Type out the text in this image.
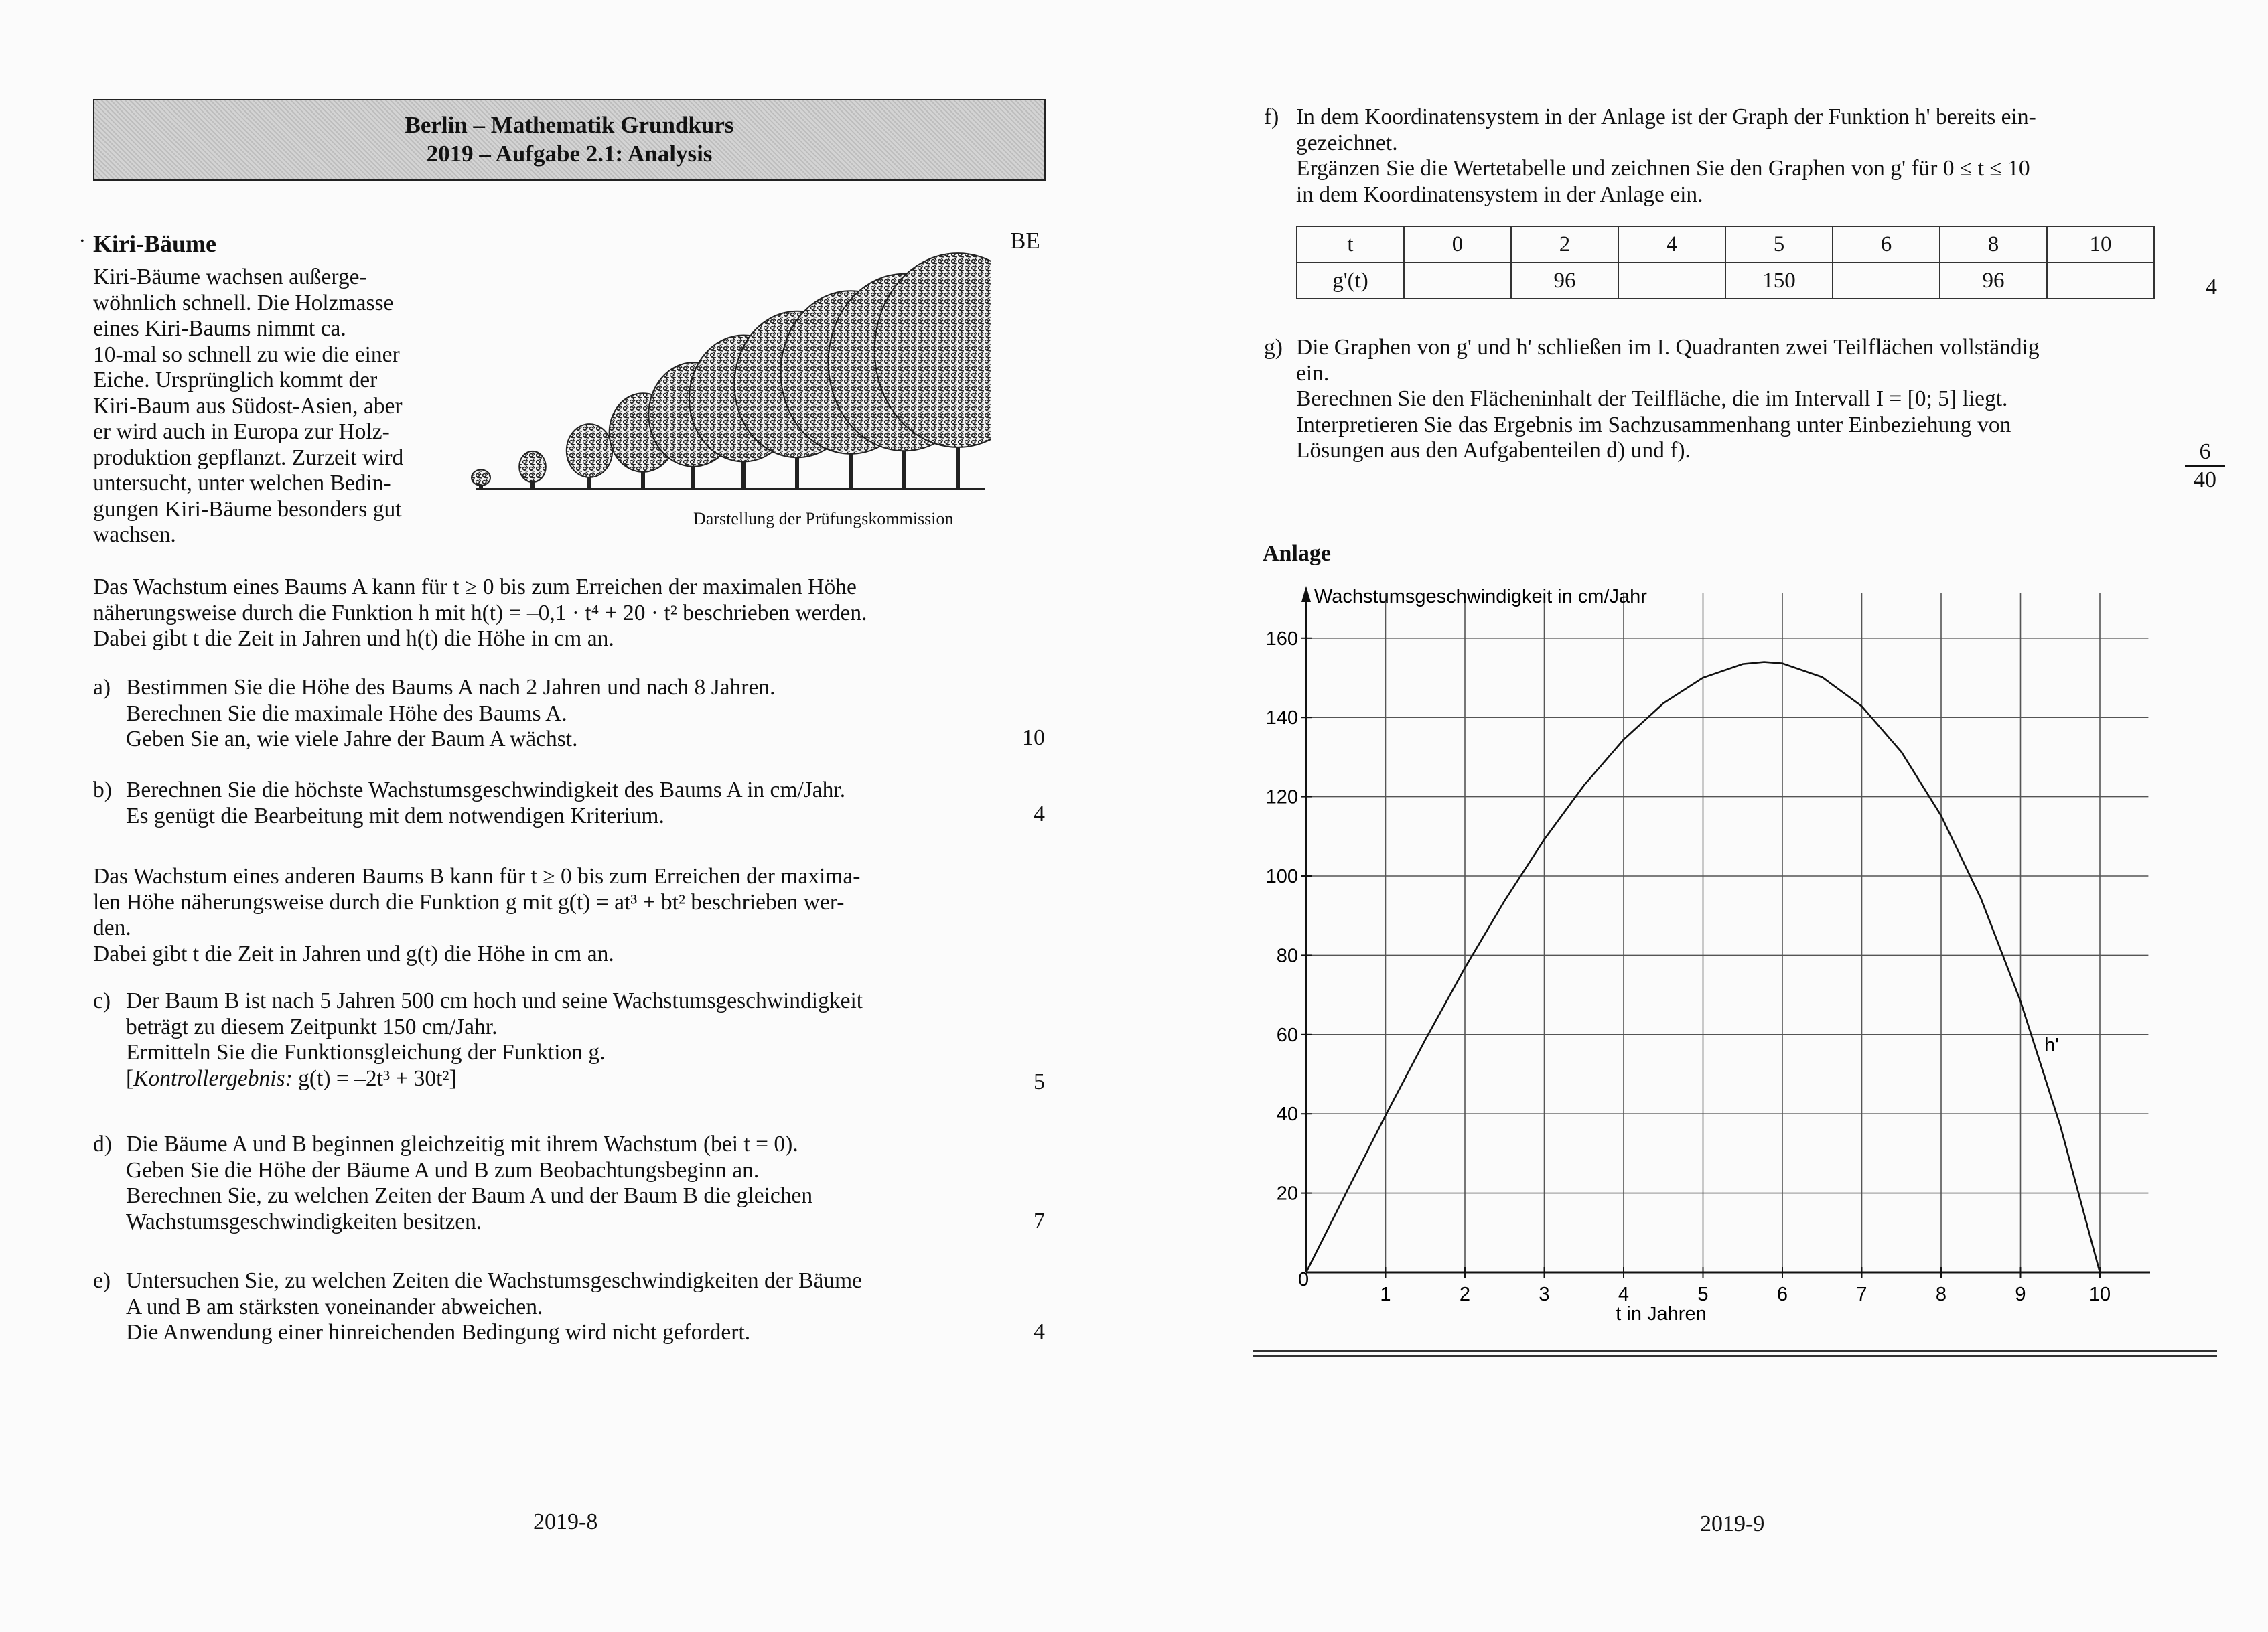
Berlin – Mathematik Grundkurs
2019 – Aufgabe 2.1: Analysis
• Kiri-Bäume	BE
Kiri-Bäume wachsen außerge-
wöhnlich schnell. Die Holzmasse
eines Kiri-Baums nimmt ca.
10-mal so schnell zu wie die einer
Eiche. Ursprünglich kommt der
Kiri-Baum aus Südost-Asien, aber
er wird auch in Europa zur Holz-
produktion gepflanzt. Zurzeit wird
untersucht, unter welchen Bedin-
gungen Kiri-Bäume besonders gut
wachsen.
Darstellung der Prüfungskommission
Das Wachstum eines Baums A kann für t ≥ 0 bis zum Erreichen der maximalen Höhe
näherungsweise durch die Funktion h mit h(t) = –0,1 · t⁴ + 20 · t² beschrieben werden.
Dabei gibt t die Zeit in Jahren und h(t) die Höhe in cm an.
a) Bestimmen Sie die Höhe des Baums A nach 2 Jahren und nach 8 Jahren.
Berechnen Sie die maximale Höhe des Baums A.
Geben Sie an, wie viele Jahre der Baum A wächst.	10
b) Berechnen Sie die höchste Wachstumsgeschwindigkeit des Baums A in cm/Jahr.
Es genügt die Bearbeitung mit dem notwendigen Kriterium.	4
Das Wachstum eines anderen Baums B kann für t ≥ 0 bis zum Erreichen der maxima-
len Höhe näherungsweise durch die Funktion g mit g(t) = at³ + bt² beschrieben wer-
den.
Dabei gibt t die Zeit in Jahren und g(t) die Höhe in cm an.
c) Der Baum B ist nach 5 Jahren 500 cm hoch und seine Wachstumsgeschwindigkeit
beträgt zu diesem Zeitpunkt 150 cm/Jahr.
Ermitteln Sie die Funktionsgleichung der Funktion g.
[Kontrollergebnis: g(t) = –2t³ + 30t²]	5
d) Die Bäume A und B beginnen gleichzeitig mit ihrem Wachstum (bei t = 0).
Geben Sie die Höhe der Bäume A und B zum Beobachtungsbeginn an.
Berechnen Sie, zu welchen Zeiten der Baum A und der Baum B die gleichen
Wachstumsgeschwindigkeiten besitzen.	7
e) Untersuchen Sie, zu welchen Zeiten die Wachstumsgeschwindigkeiten der Bäume
A und B am stärksten voneinander abweichen.
Die Anwendung einer hinreichenden Bedingung wird nicht gefordert.	4
2019-8
f) In dem Koordinatensystem in der Anlage ist der Graph der Funktion h' bereits ein-
gezeichnet.
Ergänzen Sie die Wertetabelle und zeichnen Sie den Graphen von g' für 0 ≤ t ≤ 10
in dem Koordinatensystem in der Anlage ein.
4
t	0	2	4	5	6	8	10
g'(t)		96		150		96	
g) Die Graphen von g' und h' schließen im I. Quadranten zwei Teilflächen vollständig
ein.
Berechnen Sie den Flächeninhalt der Teilfläche, die im Intervall I = [0; 5] liegt.
Interpretieren Sie das Ergebnis im Sachzusammenhang unter Einbeziehung von
Lösungen aus den Aufgabenteilen d) und f).	6
40
Anlage
1	2	3	4	5	6	7	8	9	10
20
40
60
80
100
120
140
160
h'
Wachstumsgeschwindigkeit in cm/Jahr
t in Jahren
0
2019-9
